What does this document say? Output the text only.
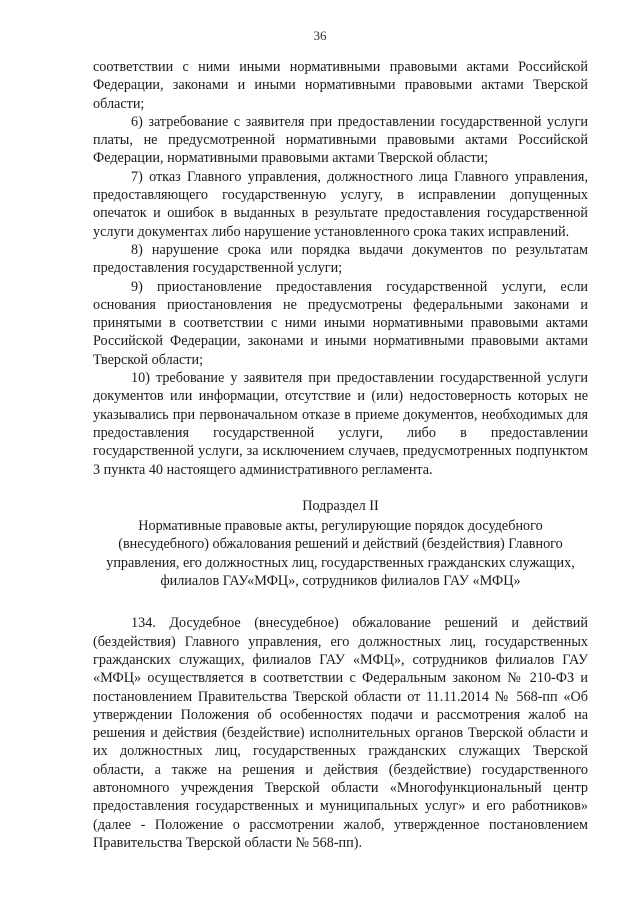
36

соответствии с ними иными нормативными правовыми актами Российской Федерации, законами и иными нормативными правовыми актами Тверской области;

6) затребование с заявителя при предоставлении государственной услуги платы, не предусмотренной нормативными правовыми актами Российской Федерации, нормативными правовыми актами Тверской области;

7) отказ Главного управления, должностного лица Главного управления, предоставляющего государственную услугу, в исправлении допущенных опечаток и ошибок в выданных в результате предоставления государственной услуги документах либо нарушение установленного срока таких исправлений.

8) нарушение срока или порядка выдачи документов по результатам предоставления государственной услуги;

9) приостановление предоставления государственной услуги, если основания приостановления не предусмотрены федеральными законами и принятыми в соответствии с ними иными нормативными правовыми актами Российской Федерации, законами и иными нормативными правовыми актами Тверской области;

10) требование у заявителя при предоставлении государственной услуги документов или информации, отсутствие и (или) недостоверность которых не указывались при первоначальном отказе в приеме документов, необходимых для предоставления государственной услуги, либо в предоставлении государственной услуги, за исключением случаев, предусмотренных подпунктом 3 пункта 40 настоящего административного регламента.

Подраздел II

Нормативные правовые акты, регулирующие порядок досудебного (внесудебного) обжалования решений и действий (бездействия) Главного управления, его должностных лиц, государственных гражданских служащих, филиалов ГАУ«МФЦ», сотрудников филиалов ГАУ «МФЦ»

134. Досудебное (внесудебное) обжалование решений и действий (бездействия) Главного управления, его должностных лиц, государственных гражданских служащих, филиалов ГАУ «МФЦ», сотрудников филиалов ГАУ «МФЦ» осуществляется в соответствии с Федеральным законом № 210-ФЗ и постановлением Правительства Тверской области от 11.11.2014 № 568-пп «Об утверждении Положения об особенностях подачи и рассмотрения жалоб на решения и действия (бездействие) исполнительных органов Тверской области и их должностных лиц, государственных гражданских служащих Тверской области, а также на решения и действия (бездействие) государственного автономного учреждения Тверской области «Многофункциональный центр предоставления государственных и муниципальных услуг» и его работников» (далее - Положение о рассмотрении жалоб, утвержденное постановлением Правительства Тверской области № 568-пп).
